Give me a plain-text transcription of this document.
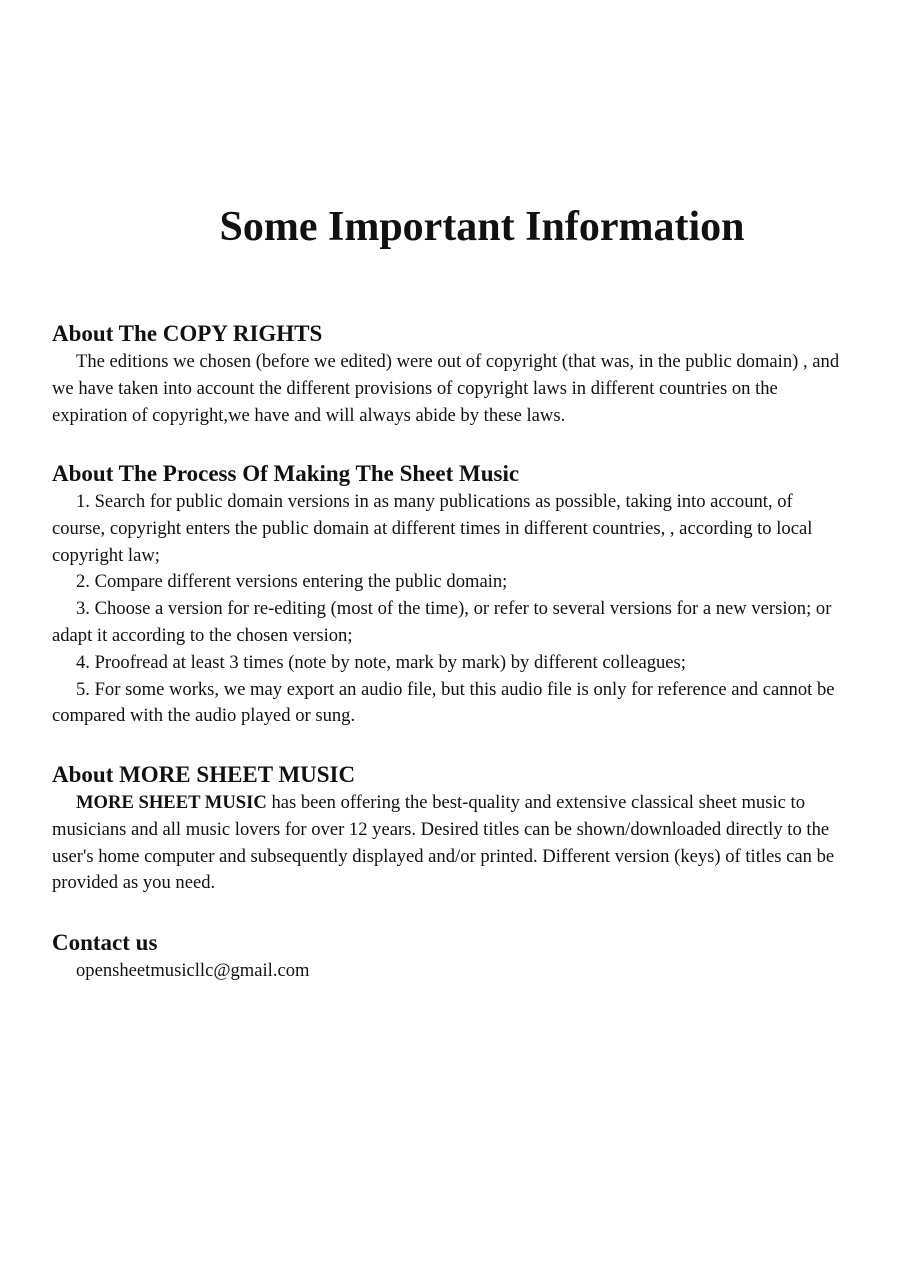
Some Important Information
About The COPY RIGHTS

The editions we chosen (before we edited) were out of copyright (that was, in the public domain) , and we have taken into account the different provisions of copyright laws in different countries on the expiration of copyright,we have and will always abide by these laws.

About The Process Of Making The Sheet Music

1. Search for public domain versions in as many publications as possible, taking into account, of course, copyright enters the public domain at different times in different countries, , according to local copyright law;

2. Compare different versions entering the public domain;

3. Choose a version for re-editing (most of the time), or refer to several versions for a new version; or adapt it according to the chosen version;

4. Proofread at least 3 times (note by note, mark by mark) by different colleagues;

5. For some works, we may export an audio file, but this audio file is only for reference and cannot be compared with the audio played or sung.

About MORE SHEET MUSIC

MORE SHEET MUSIC has been offering the best-quality and extensive classical sheet music to musicians and all music lovers for over 12 years. Desired titles can be shown/downloaded directly to the user's home computer and subsequently displayed and/or printed. Different version (keys) of titles can be provided as you need.

Contact us

opensheetmusicllc@gmail.com
